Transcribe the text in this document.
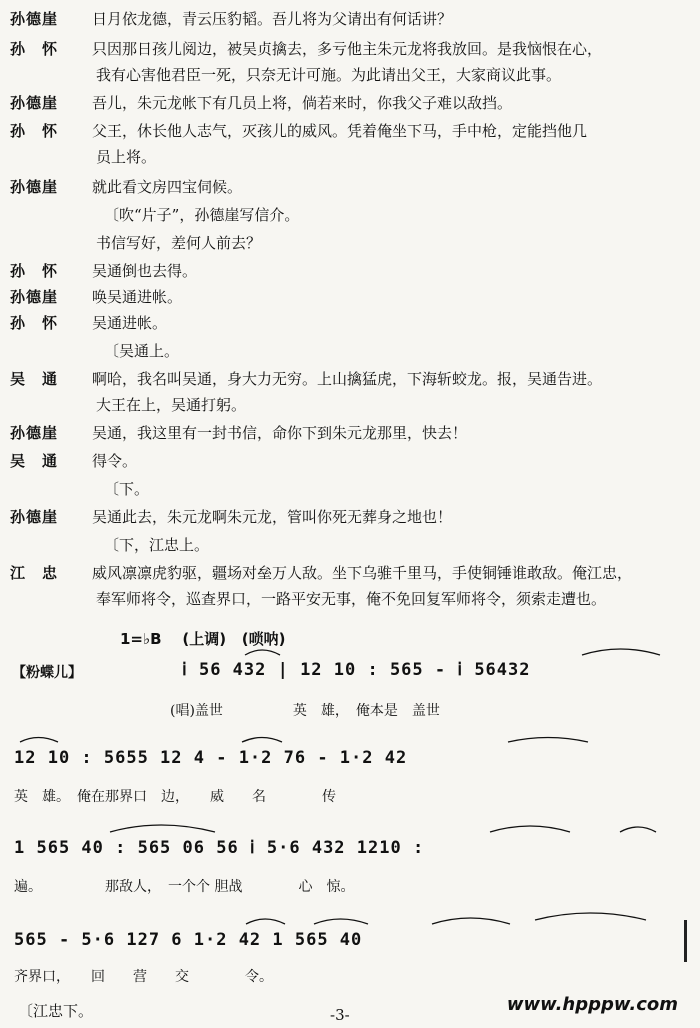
孙德崖	日月依龙德，青云压豹韬。吾儿将为父请出有何话讲？
孙　怀	只因那日孩儿阅边，被吴贞擒去，多亏他主朱元龙将我放回。是我恼恨在心，
我有心害他君臣一死，只奈无计可施。为此请出父王，大家商议此事。
孙德崖	吾儿，朱元龙帐下有几员上将，倘若来时，你我父子难以敌挡。
孙　怀	父王，休长他人志气，灭孩儿的威风。凭着俺坐下马，手中枪，定能挡他几
员上将。
孙德崖	就此看文房四宝伺候。
〔吹“片子”，孙德崖写信介。
书信写好，差何人前去？
孙　怀	吴通倒也去得。
孙德崖	唤吴通进帐。
孙　怀	吴通进帐。
〔吴通上。
吴　通	啊哈，我名叫吴通，身大力无穷。上山擒猛虎，下海斩蛟龙。报，吴通告进。
大王在上，吴通打躬。
孙德崖	吴通，我这里有一封书信，命你下到朱元龙那里，快去！
吴　通	得令。
〔下。
孙德崖	吴通此去，朱元龙啊朱元龙，管叫你死无葬身之地也！
〔下，江忠上。
江　忠	威风凛凛虎豹驱，疆场对垒万人敌。坐下乌骓千里马，手使铜锤谁敢敌。俺江忠，
奉军师将令，巡查界口，一路平安无事，俺不免回复军师将令，须索走遭也。
1=♭B (上调) (唢呐)
【粉蝶儿】	ⅰ 56 432 | 12 10 : 565 - ⅰ 56432
(唱)盖世　　　　　英　雄，　俺本是　盖世
12 10 : 5655 12 4 - 1·2 76 - 1·2 42
英　雄。　俺在那界口　边，　　威　　名　　　　传
1 565 40 : 565 06 56 ⅰ 5·6 432 1210 :
遍。　　　　　那敌人，　一个个 胆战　　　　心　惊。
565 - 5·6 127 6 1·2 42 1 565 40
齐界口，　　回　　营　　交　　　　令。
〔江忠下。	-3-	www.hpppw.com
